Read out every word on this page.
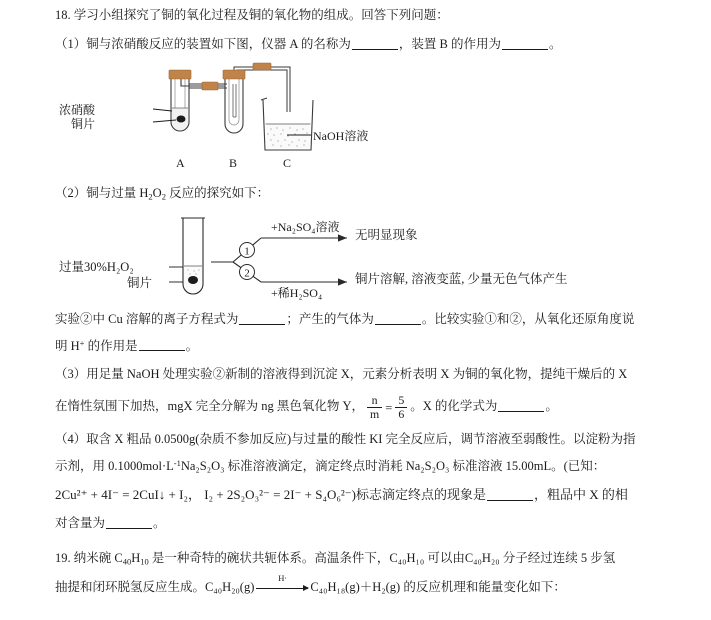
18. 学习小组探究了铜的氧化过程及铜的氧化物的组成。回答下列问题：

（1）铜与浓硝酸反应的装置如下图，仪器 A 的名称为	，装置 B 的作用为	。

A	B	C
浓硝酸
铜片
NaOH溶液

（2）铜与过量 $H_2O_2$ 反应的探究如下：

1
2
过量30%H₂O₂
铜片
+Na₂SO₄溶液
无明显现象
+稀H₂SO₄
铜片溶解, 溶液变蓝, 少量无色气体产生

实验②中 Cu 溶解的离子方程式为	；产生的气体为	。比较实验①和②，从氧化还原角度说

明 H+ 的作用是	。

（3）用足量 NaOH 处理实验②新制的溶液得到沉淀 X，元素分析表明 X 为铜的氧化物，提纯干燥后的 X

在惰性氛围下加热，mgX 完全分解为 ng 黑色氧化物 Y， $\frac{n}{m} = \frac{5}{6}$ 。X 的化学式为	。

（4）取含 X 粗品 0.0500g(杂质不参加反应)与过量的酸性 KI 完全反应后，调节溶液至弱酸性。以淀粉为指

示剂，用 $0.1000mol\cdot L^{-1}Na_2S_2O_3$ 标准溶液滴定，滴定终点时消耗 Na₂S₂O₃ 标准溶液 15.00mL。(已知：

2Cu²⁺ + 4I⁻ = 2CuI↓ + I₂， I₂ + 2S₂O₃²⁻ = 2I⁻ + S₄O₆²⁻)标志滴定终点的现象是	，粗品中 X 的相

对含量为	。

19. 纳米碗 $C_{40}H_{10}$ 是一种奇特的碗状共轭体系。高温条件下，C₄₀H₁₀ 可以由C₄₀H₂₀ 分子经过连续 5 步氢

抽提和闭环脱氢反应生成。C₄₀H₂₀(g)
H·
C₄₀H₁₈(g)＋H₂(g) 的反应机理和能量变化如下：
